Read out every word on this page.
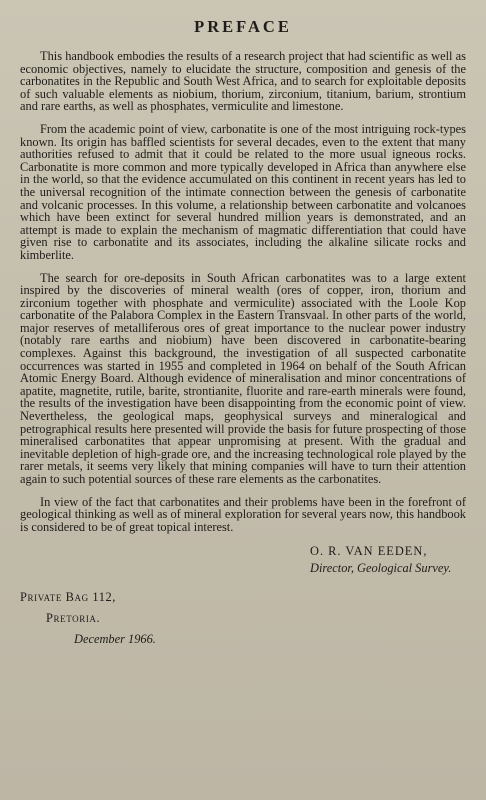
PREFACE

This handbook embodies the results of a research project that had scientific as well as economic objectives, namely to elucidate the structure, composition and genesis of the carbonatites in the Republic and South West Africa, and to search for exploitable deposits of such valuable elements as niobium, thorium, zirconium, titanium, barium, strontium and rare earths, as well as phosphates, vermiculite and limestone.

From the academic point of view, carbonatite is one of the most intriguing rock-types known. Its origin has baffled scientists for several decades, even to the extent that many authorities refused to admit that it could be related to the more usual igneous rocks. Carbonatite is more common and more typically developed in Africa than anywhere else in the world, so that the evidence accumulated on this continent in recent years has led to the universal recognition of the intimate connection between the genesis of carbonatite and volcanic processes. In this volume, a relationship between carbonatite and volcanoes which have been extinct for several hundred million years is demonstrated, and an attempt is made to explain the mechanism of magmatic differentiation that could have given rise to carbonatite and its associates, including the alkaline silicate rocks and kimberlite.

The search for ore-deposits in South African carbonatites was to a large extent inspired by the discoveries of mineral wealth (ores of copper, iron, thorium and zirconium together with phosphate and vermiculite) associated with the Loole Kop carbonatite of the Palabora Complex in the Eastern Transvaal. In other parts of the world, major reserves of metalliferous ores of great importance to the nuclear power industry (notably rare earths and niobium) have been discovered in carbonatite-bearing complexes. Against this background, the investigation of all suspected carbonatite occurrences was started in 1955 and completed in 1964 on behalf of the South African Atomic Energy Board. Although evidence of mineralisation and minor concentrations of apatite, magnetite, rutile, barite, strontianite, fluorite and rare-earth minerals were found, the results of the investigation have been disappointing from the economic point of view. Nevertheless, the geological maps, geophysical surveys and mineralogical and petrographical results here presented will provide the basis for future prospecting of those mineralised carbonatites that appear unpromising at present. With the gradual and inevitable depletion of high-grade ore, and the increasing technological role played by the rarer metals, it seems very likely that mining companies will have to turn their attention again to such potential sources of these rare elements as the carbonatites.

In view of the fact that carbonatites and their problems have been in the forefront of geological thinking as well as of mineral exploration for several years now, this handbook is considered to be of great topical interest.

O. R. VAN EEDEN,
Director, Geological Survey.
Private Bag 112,
Pretoria.
December 1966.
